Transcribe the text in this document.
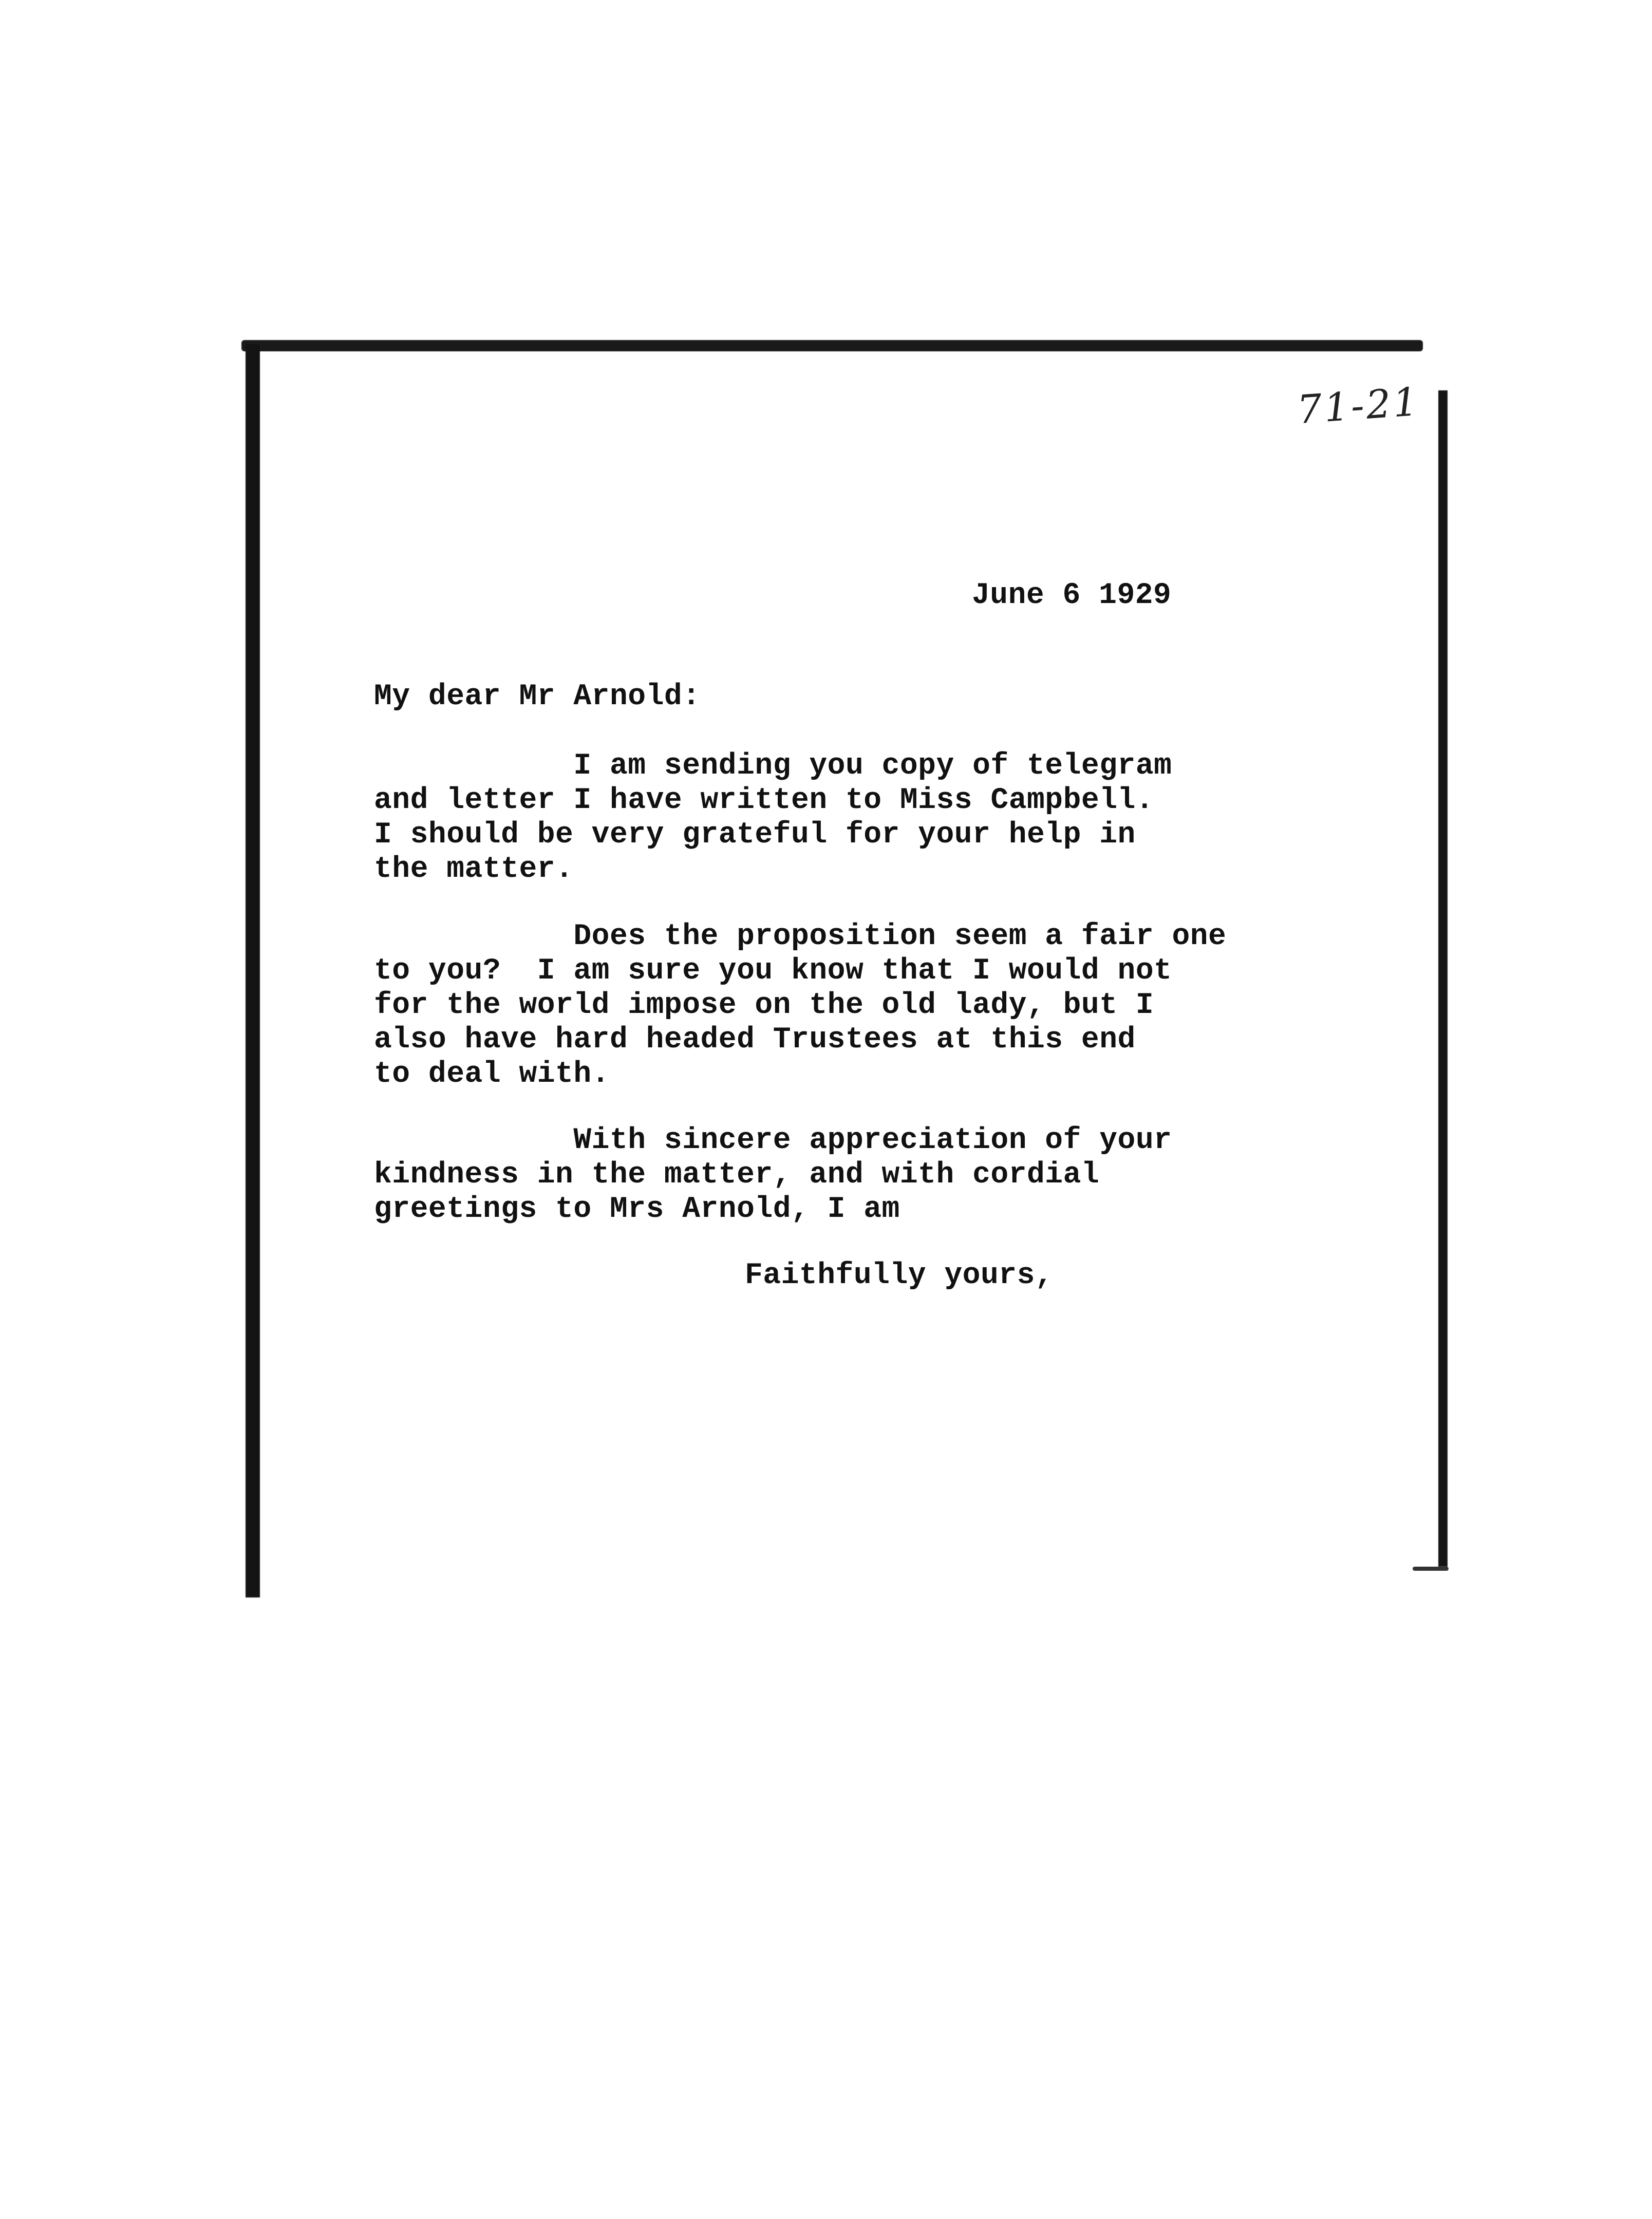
71-21
June 6 1929
My dear Mr Arnold:
I am sending you copy of telegram
and letter I have written to Miss Campbell.
I should be very grateful for your help in
the matter.
Does the proposition seem a fair one
to you?  I am sure you know that I would not
for the world impose on the old lady, but I
also have hard headed Trustees at this end
to deal with.
With sincere appreciation of your
kindness in the matter, and with cordial
greetings to Mrs Arnold, I am
Faithfully yours,
